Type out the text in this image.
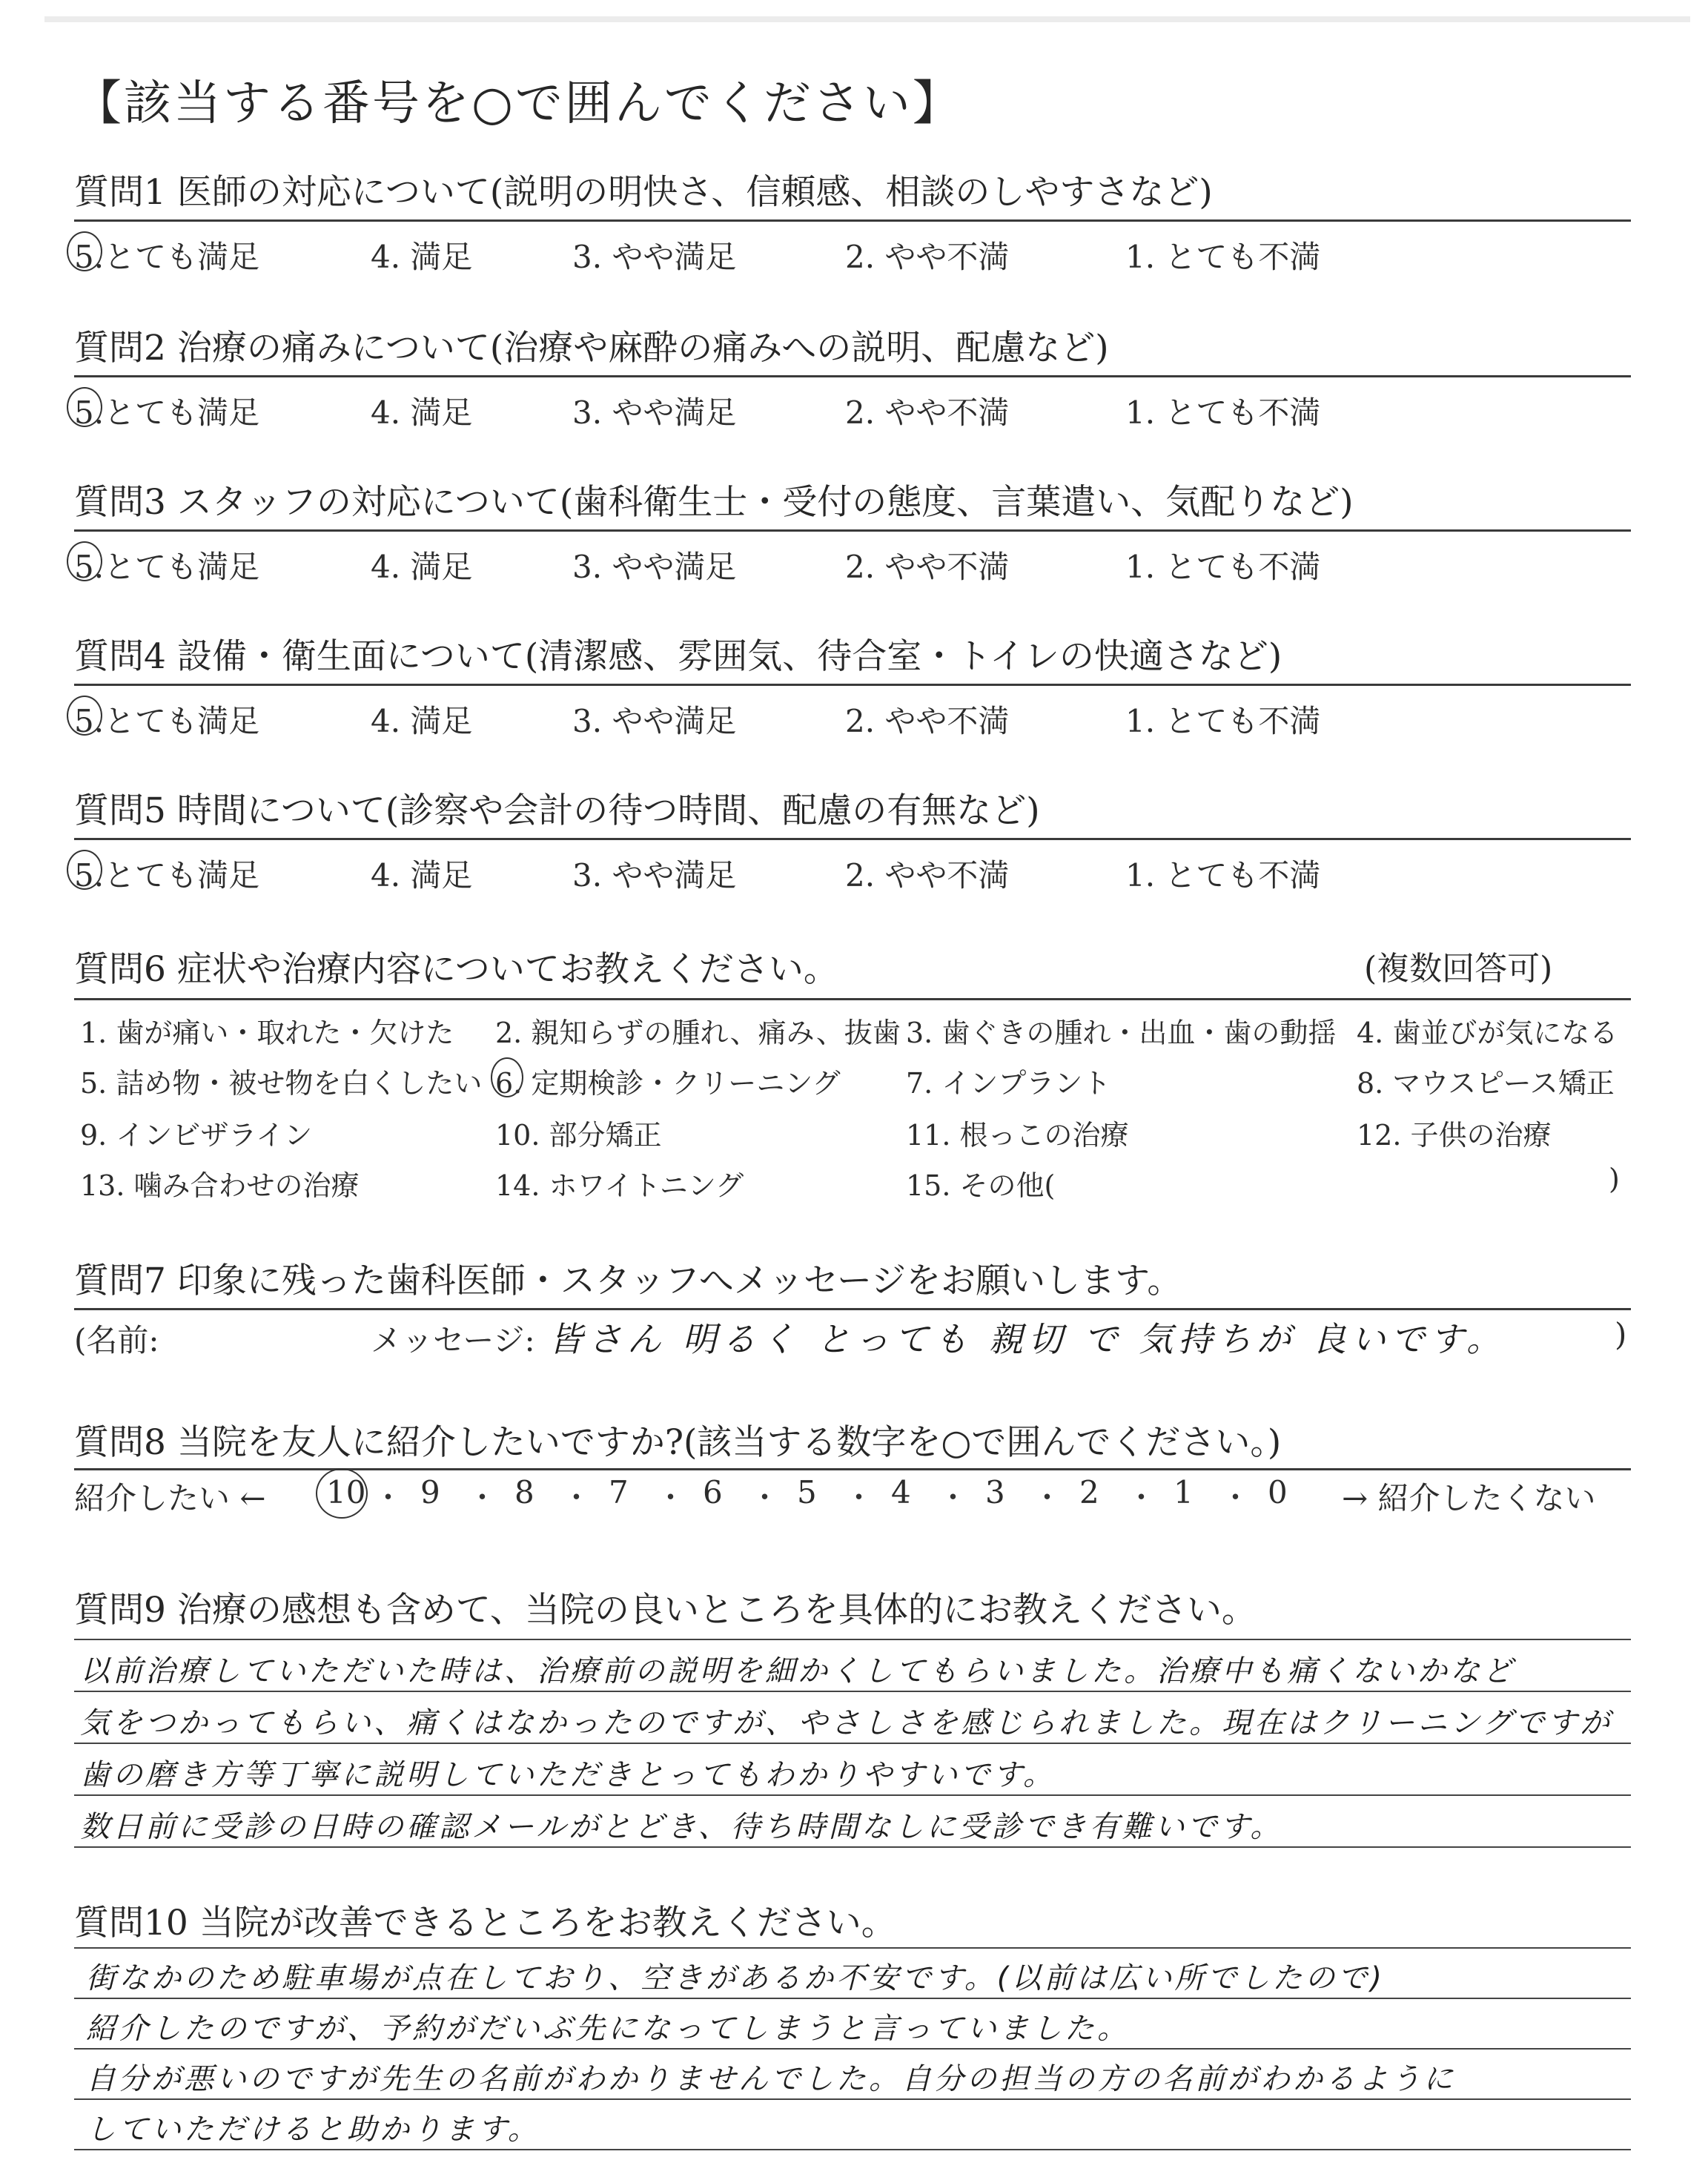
【該当する番号を○で囲んでください】
質問1 医師の対応について(説明の明快さ、信頼感、相談のしやすさなど)
5.とても満足	4. 満足	3. やや満足	2. やや不満	1. とても不満
質問2 治療の痛みについて(治療や麻酔の痛みへの説明、配慮など)
5.とても満足	4. 満足	3. やや満足	2. やや不満	1. とても不満
質問3 スタッフの対応について(歯科衛生士・受付の態度、言葉遣い、気配りなど)
5.とても満足	4. 満足	3. やや満足	2. やや不満	1. とても不満
質問4 設備・衛生面について(清潔感、雰囲気、待合室・トイレの快適さなど)
5.とても満足	4. 満足	3. やや満足	2. やや不満	1. とても不満
質問5 時間について(診察や会計の待つ時間、配慮の有無など)
5.とても満足	4. 満足	3. やや満足	2. やや不満	1. とても不満
質問6 症状や治療内容についてお教えください。	(複数回答可)
1. 歯が痛い・取れた・欠けた 2. 親知らずの腫れ、痛み、抜歯 3. 歯ぐきの腫れ・出血・歯の動揺 4. 歯並びが気になる
5. 詰め物・被せ物を白くしたい 6. 定期検診・クリーニング 7. インプラント	8. マウスピース矯正
9. インビザライン	10. 部分矯正	11. 根っこの治療	12. 子供の治療
13. 噛み合わせの治療	14. ホワイトニング	15. その他(	)
質問7 印象に残った歯科医師・スタッフへメッセージをお願いします。
(名前:	メッセージ: 皆さん 明るく とっても 親切 で 気持ちが 良いです。	)
質問8 当院を友人に紹介したいですか?(該当する数字を○で囲んでください。)
紹介したい ←	→ 紹介したくない
10 ・ 9 ・ 8 ・ 7 ・ 6 ・ 5 ・ 4 ・ 3 ・ 2 ・ 1 ・ 0
質問9 治療の感想も含めて、当院の良いところを具体的にお教えください。
以前治療していただいた時は、治療前の説明を細かくしてもらいました。治療中も痛くないかなど
気をつかってもらい、痛くはなかったのですが、やさしさを感じられました。現在はクリーニングですが
歯の磨き方等丁寧に説明していただきとってもわかりやすいです。
数日前に受診の日時の確認メールがとどき、待ち時間なしに受診でき有難いです。
質問10 当院が改善できるところをお教えください。
街なかのため駐車場が点在しており、空きがあるか不安です。(以前は広い所でしたので)
紹介したのですが、予約がだいぶ先になってしまうと言っていました。
自分が悪いのですが先生の名前がわかりませんでした。自分の担当の方の名前がわかるように
していただけると助かります。
